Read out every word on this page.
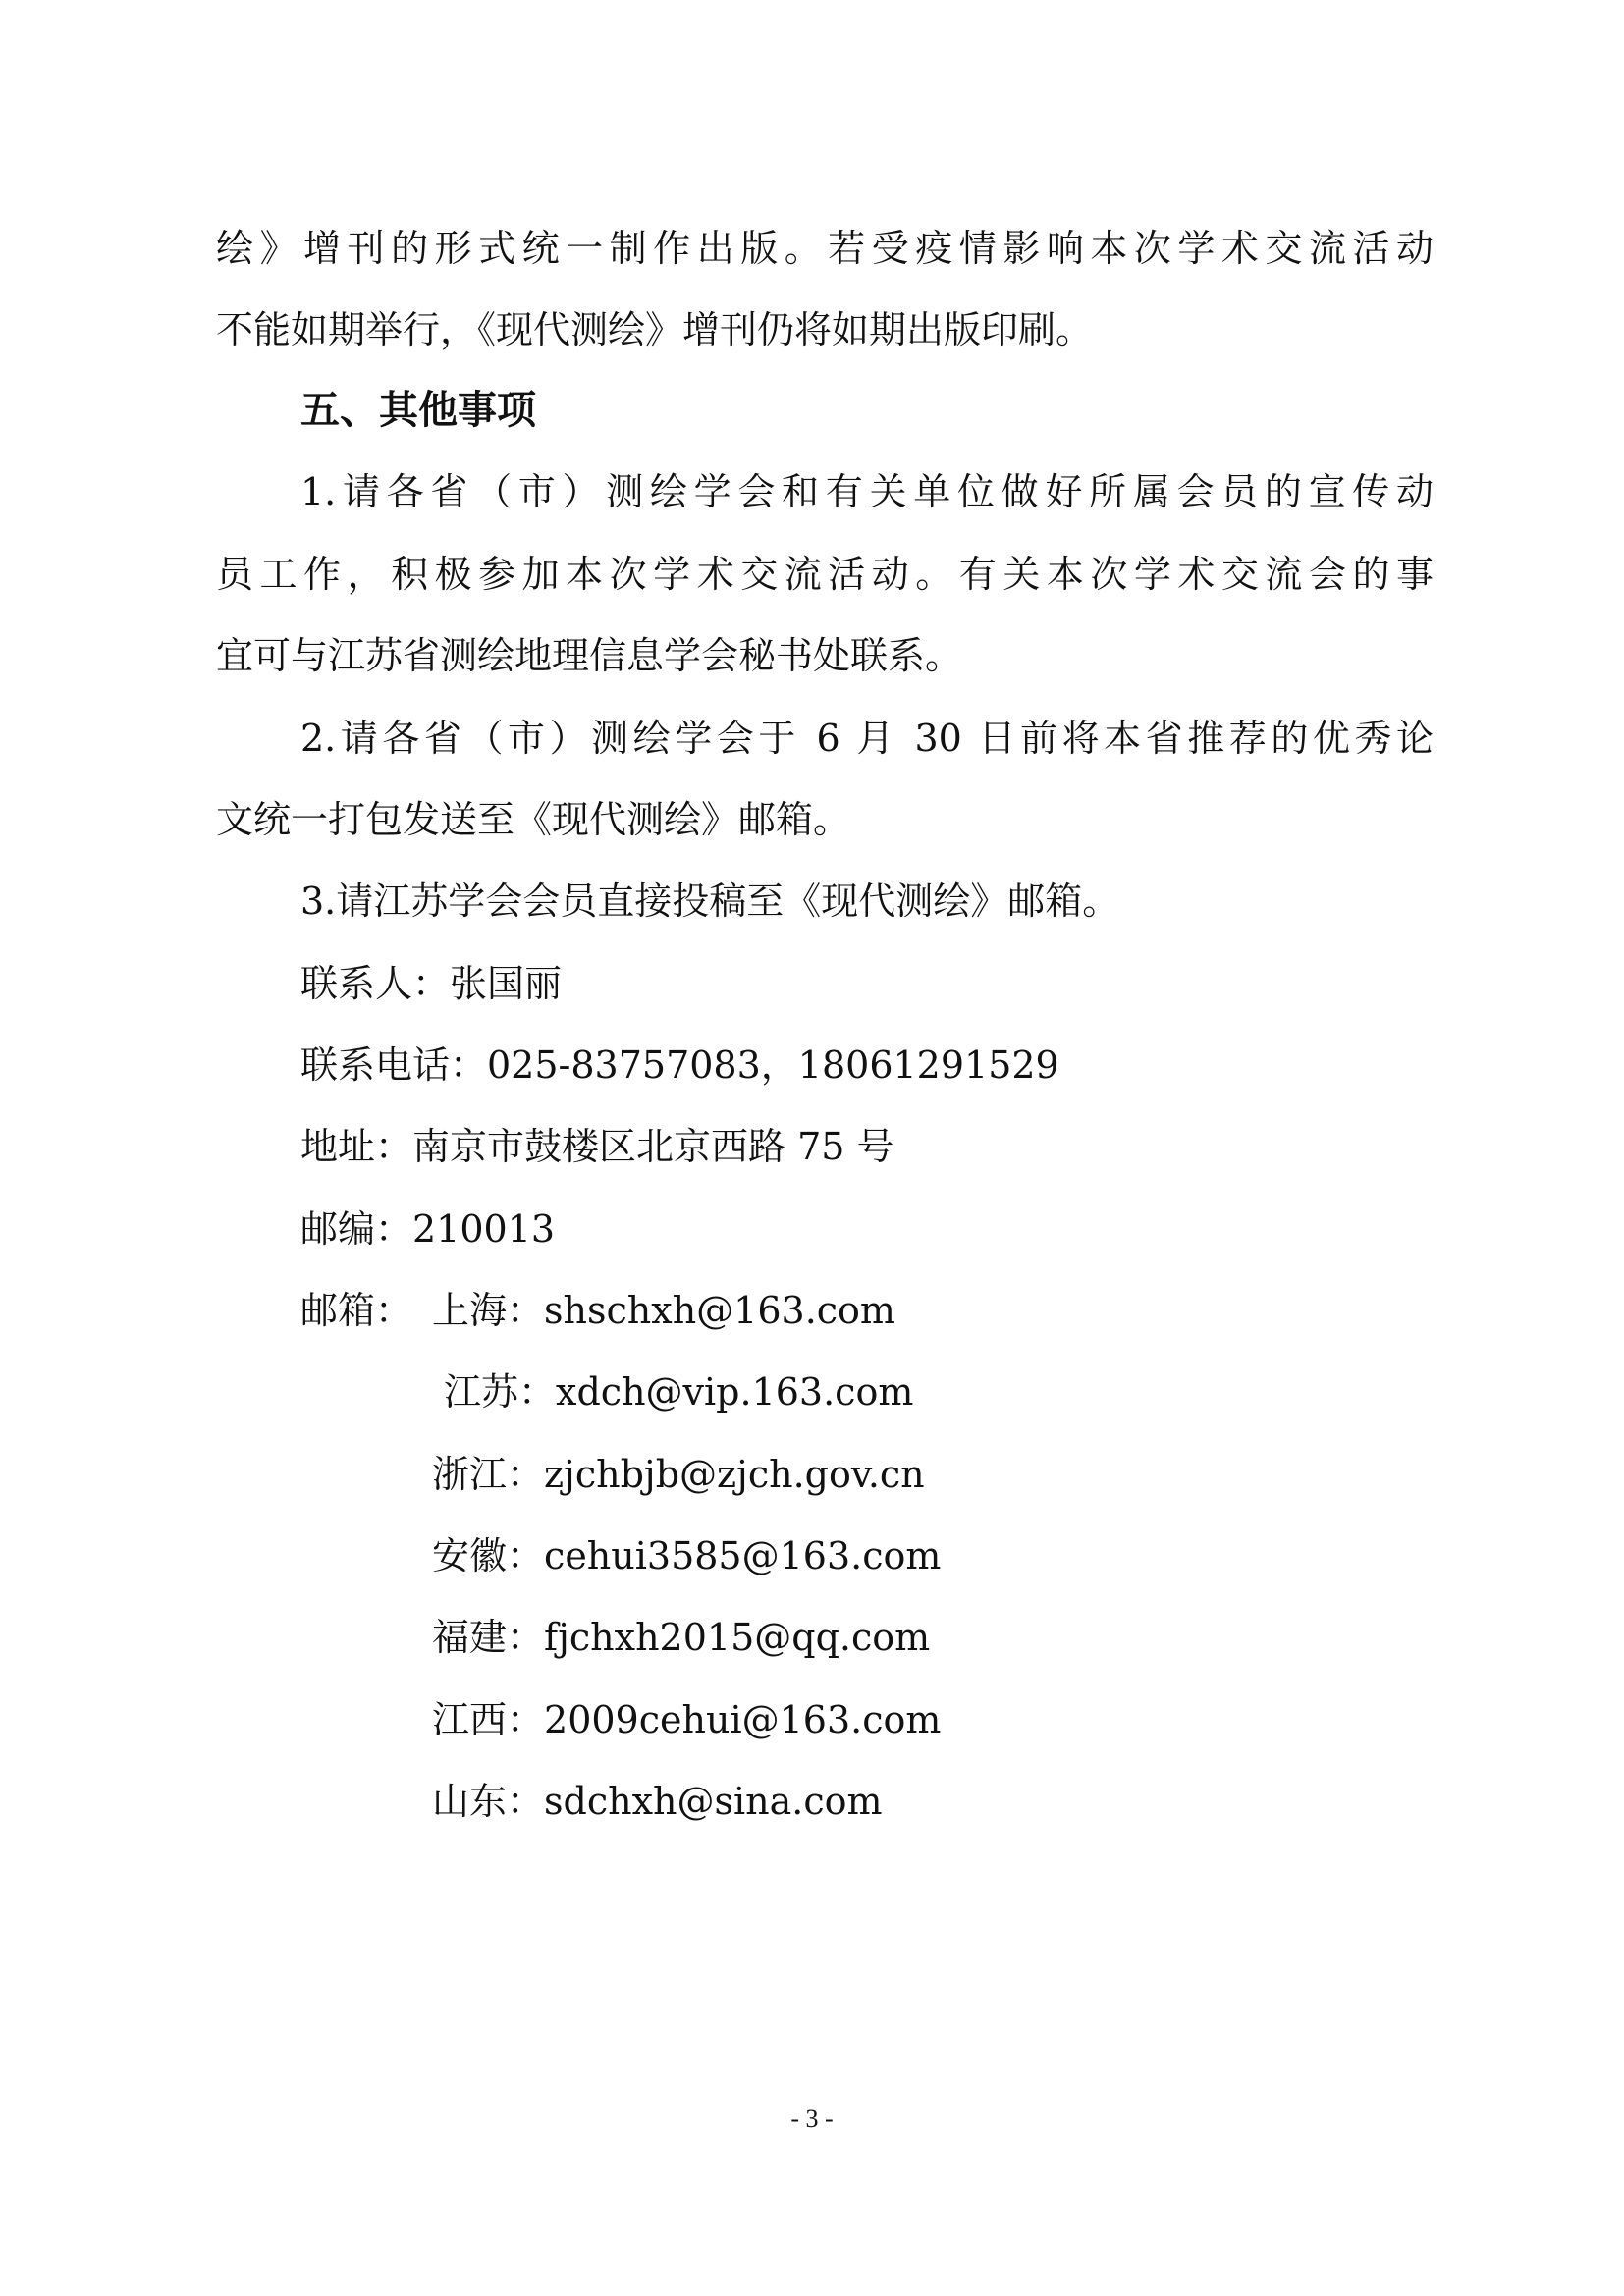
绘》增刊的形式统一制作出版。若受疫情影响本次学术交流活动
不能如期举行，《现代测绘》增刊仍将如期出版印刷。
五、其他事项
1.请各省（市）测绘学会和有关单位做好所属会员的宣传动
员工作，积极参加本次学术交流活动。有关本次学术交流会的事
宜可与江苏省测绘地理信息学会秘书处联系。
2.请各省（市）测绘学会于 6 月 30 日前将本省推荐的优秀论
文统一打包发送至《现代测绘》邮箱。
3.请江苏学会会员直接投稿至《现代测绘》邮箱。
联系人：张国丽
联系电话：025-83757083，18061291529
地址：南京市鼓楼区北京西路 75 号
邮编：210013
邮箱： 上海：shschxh@163.com
江苏：xdch@vip.163.com
浙江：zjchbjb@zjch.gov.cn
安徽：cehui3585@163.com
福建：fjchxh2015@qq.com
江西：2009cehui@163.com
山东：sdchxh@sina.com
- 3 -
